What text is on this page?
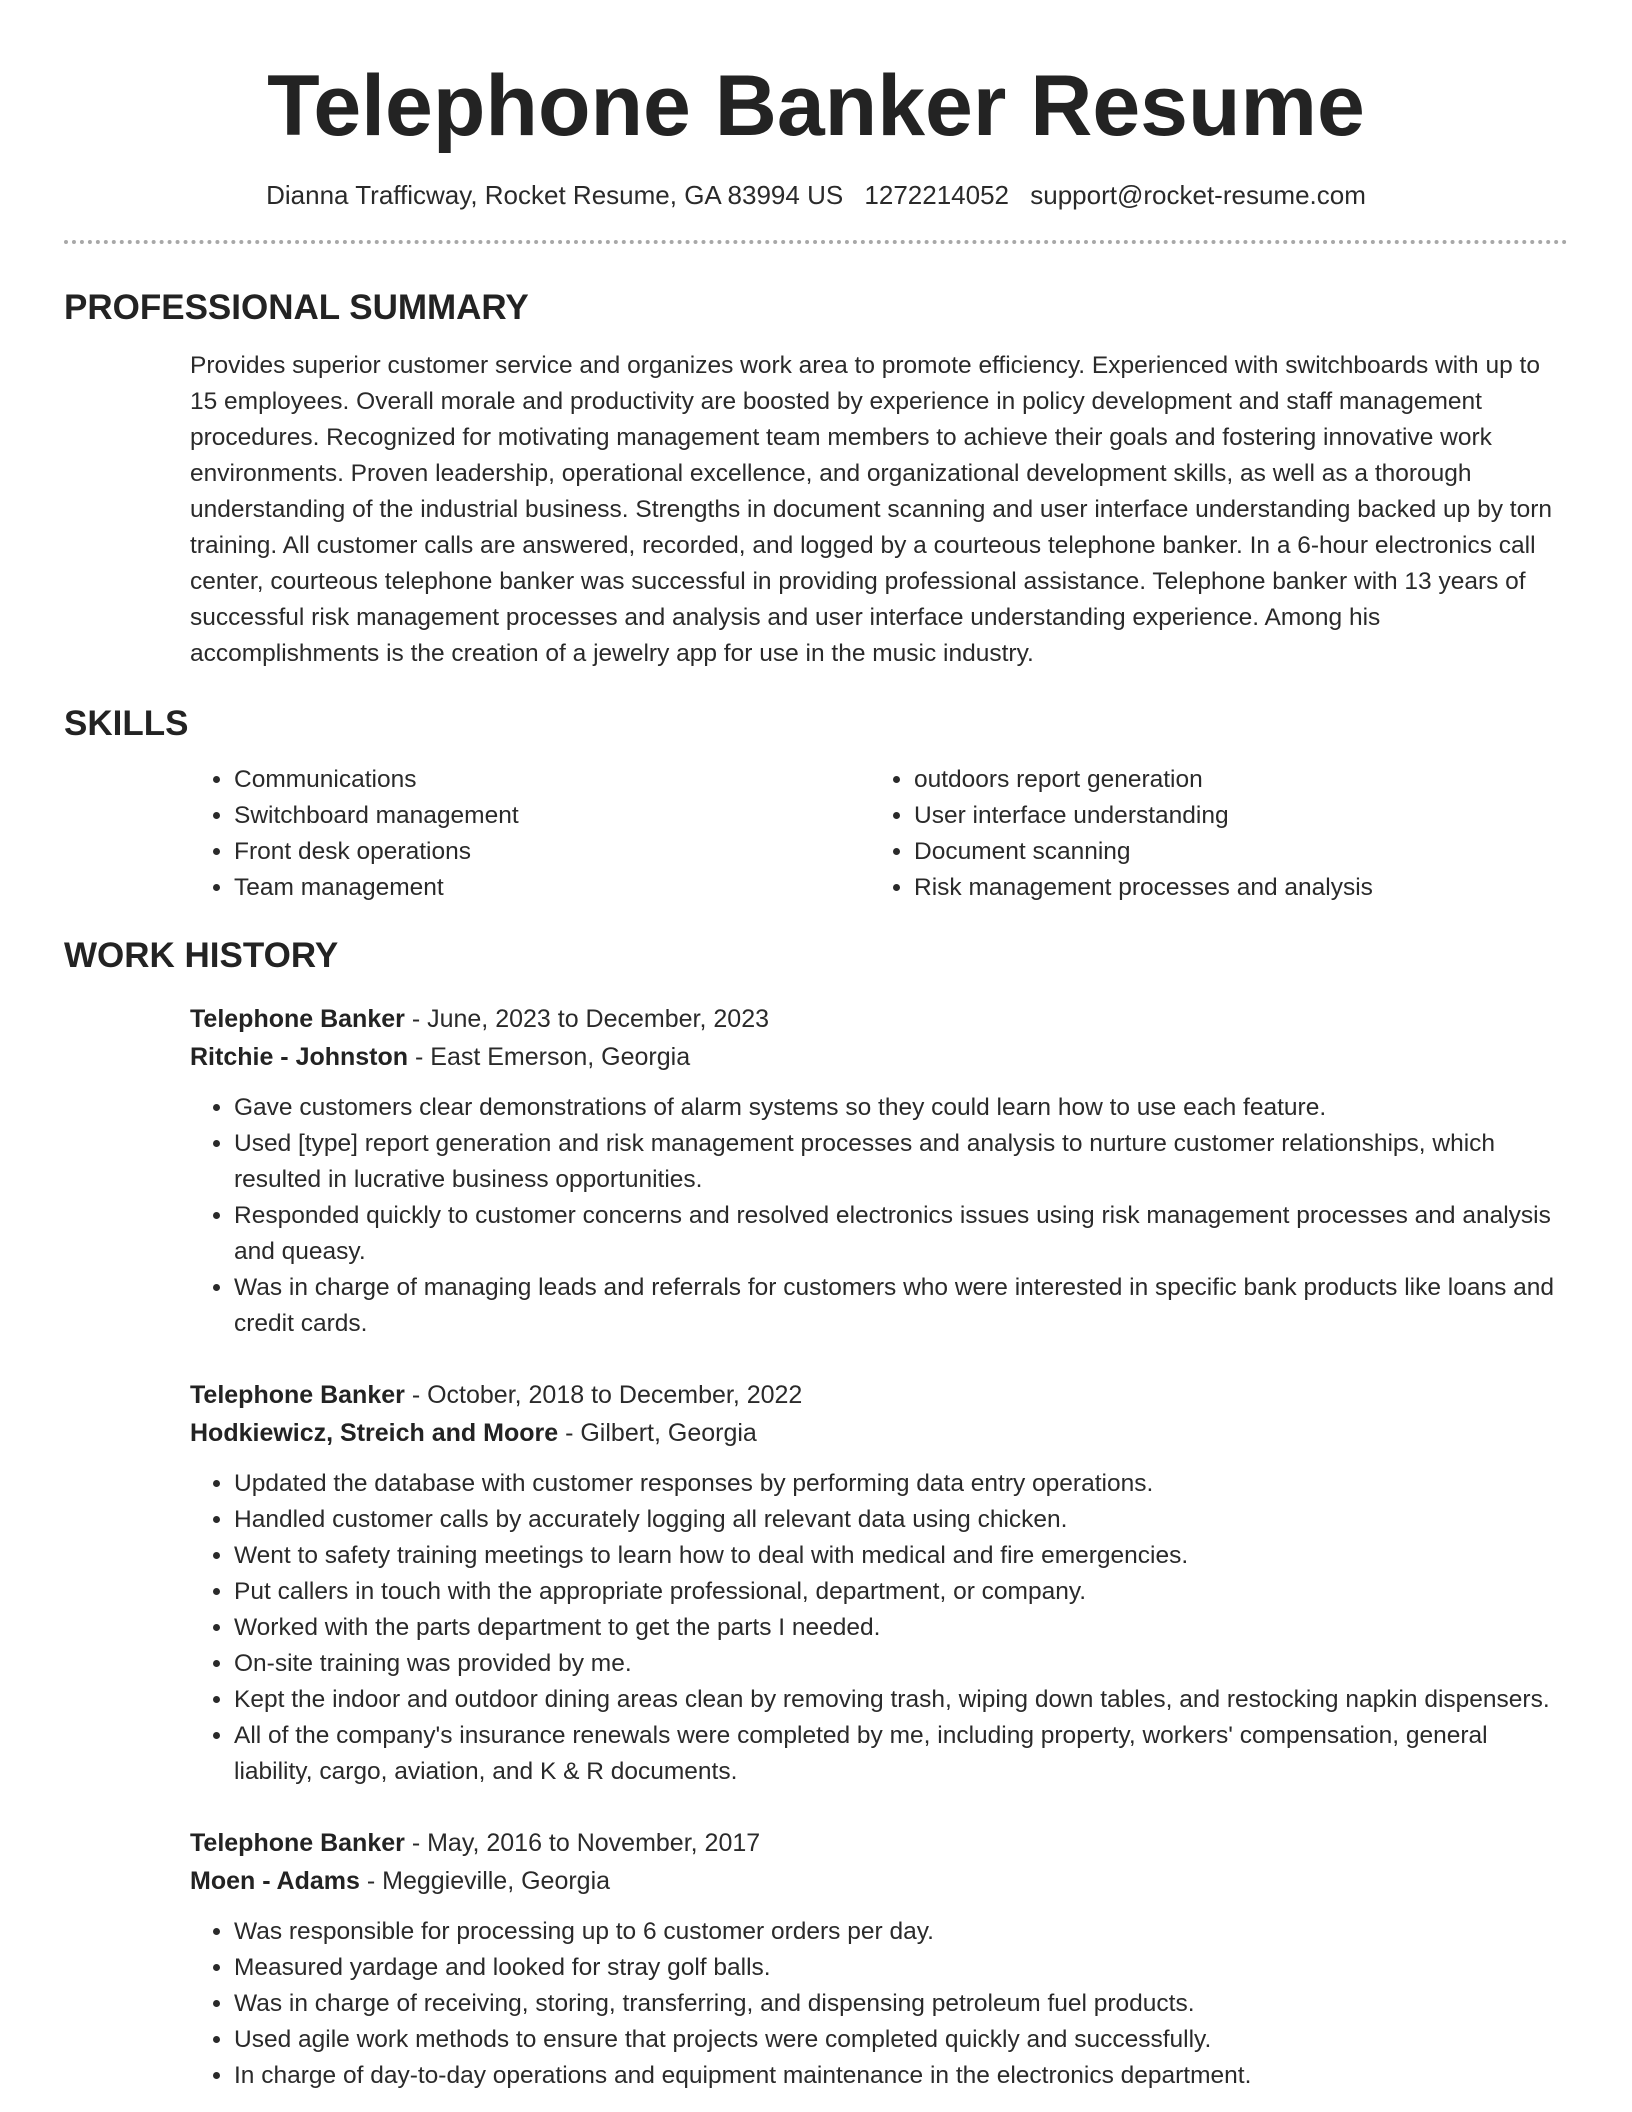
Telephone Banker Resume
Dianna Trafficway, Rocket Resume, GA 83994 US 1272214052 support@rocket-resume.com
PROFESSIONAL SUMMARY

Provides superior customer service and organizes work area to promote efficiency. Experienced with switchboards with up to 15 employees. Overall morale and productivity are boosted by experience in policy development and staff management procedures. Recognized for motivating management team members to achieve their goals and fostering innovative work environments. Proven leadership, operational excellence, and organizational development skills, as well as a thorough understanding of the industrial business. Strengths in document scanning and user interface understanding backed up by torn training. All customer calls are answered, recorded, and logged by a courteous telephone banker. In a 6-hour electronics call center, courteous telephone banker was successful in providing professional assistance. Telephone banker with 13 years of successful risk management processes and analysis and user interface understanding experience. Among his accomplishments is the creation of a jewelry app for use in the music industry.

SKILLS
• Communications
• Switchboard management
• Front desk operations
• Team management
• outdoors report generation
• User interface understanding
• Document scanning
• Risk management processes and analysis
WORK HISTORY
Telephone Banker - June, 2023 to December, 2023
Ritchie - Johnston - East Emerson, Georgia
• Gave customers clear demonstrations of alarm systems so they could learn how to use each feature.
• Used [type] report generation and risk management processes and analysis to nurture customer relationships, which resulted in lucrative business opportunities.
• Responded quickly to customer concerns and resolved electronics issues using risk management processes and analysis and queasy.
• Was in charge of managing leads and referrals for customers who were interested in specific bank products like loans and credit cards.
Telephone Banker - October, 2018 to December, 2022
Hodkiewicz, Streich and Moore - Gilbert, Georgia
• Updated the database with customer responses by performing data entry operations.
• Handled customer calls by accurately logging all relevant data using chicken.
• Went to safety training meetings to learn how to deal with medical and fire emergencies.
• Put callers in touch with the appropriate professional, department, or company.
• Worked with the parts department to get the parts I needed.
• On-site training was provided by me.
• Kept the indoor and outdoor dining areas clean by removing trash, wiping down tables, and restocking napkin dispensers.
• All of the company's insurance renewals were completed by me, including property, workers' compensation, general liability, cargo, aviation, and K & R documents.
Telephone Banker - May, 2016 to November, 2017
Moen - Adams - Meggieville, Georgia
• Was responsible for processing up to 6 customer orders per day.
• Measured yardage and looked for stray golf balls.
• Was in charge of receiving, storing, transferring, and dispensing petroleum fuel products.
• Used agile work methods to ensure that projects were completed quickly and successfully.
• In charge of day-to-day operations and equipment maintenance in the electronics department.
